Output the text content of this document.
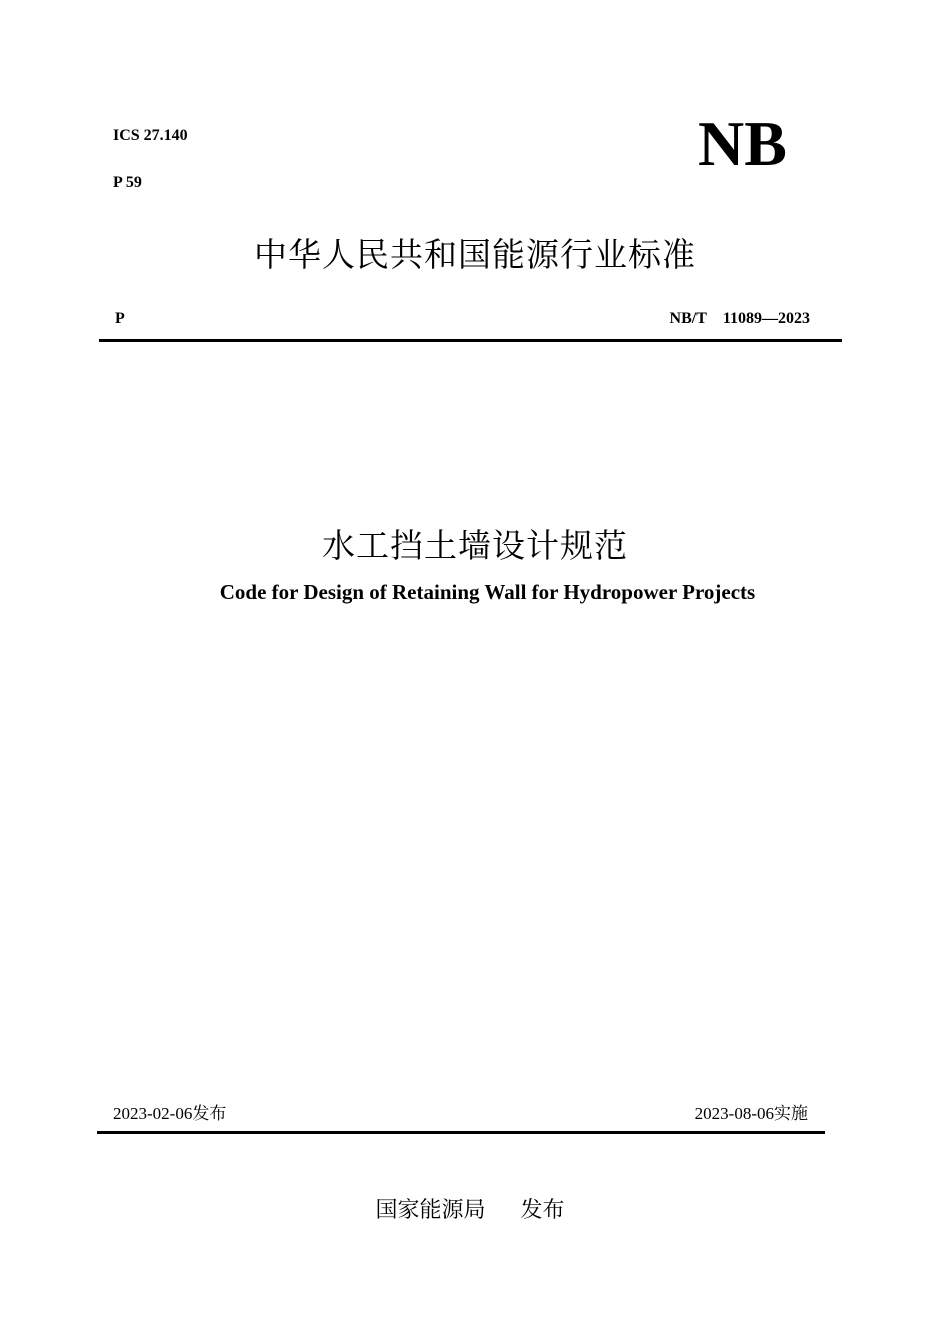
ICS 27.140
P 59
NB
中华人民共和国能源行业标准
P	NB/T    11089—2023
水工挡土墙设计规范
Code for Design of Retaining Wall for Hydropower Projects
2023-02-06发布	2023-08-06实施
国家能源局     发布
